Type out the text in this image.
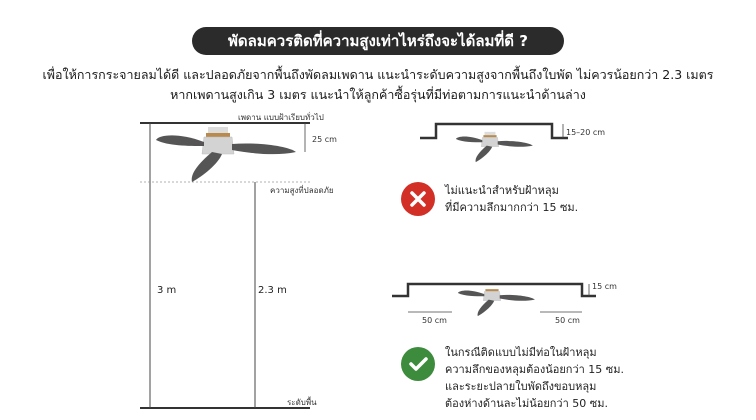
พัดลมควรติดที่ความสูงเท่าไหร่ถึงจะได้ลมที่ดี ?
เพื่อให้การกระจายลมได้ดี และปลอดภัยจากพื้นถึงพัดลมเพดาน แนะนำระดับความสูงจากพื้นถึงใบพัด ไม่ควรน้อยกว่า 2.3 เมตร
หากเพดานสูงเกิน 3 เมตร แนะนำให้ลูกค้าซื้อรุ่นที่มีท่อตามการแนะนำด้านล่าง
เพดาน แบบฝ้าเรียบทั่วไป
25 cm
ความสูงที่ปลอดภัย
3 m	2.3 m
ระดับพื้น
15–20 cm
ไม่แนะนำสำหรับฝ้าหลุม
ที่มีความลึกมากกว่า 15 ซม.
15 cm
50 cm	50 cm
ในกรณีติดแบบไม่มีท่อในฝ้าหลุม
ความลึกของหลุมต้องน้อยกว่า 15 ซม.
และระยะปลายใบพัดถึงขอบหลุม
ต้องห่างด้านละไม่น้อยกว่า 50 ซม.
